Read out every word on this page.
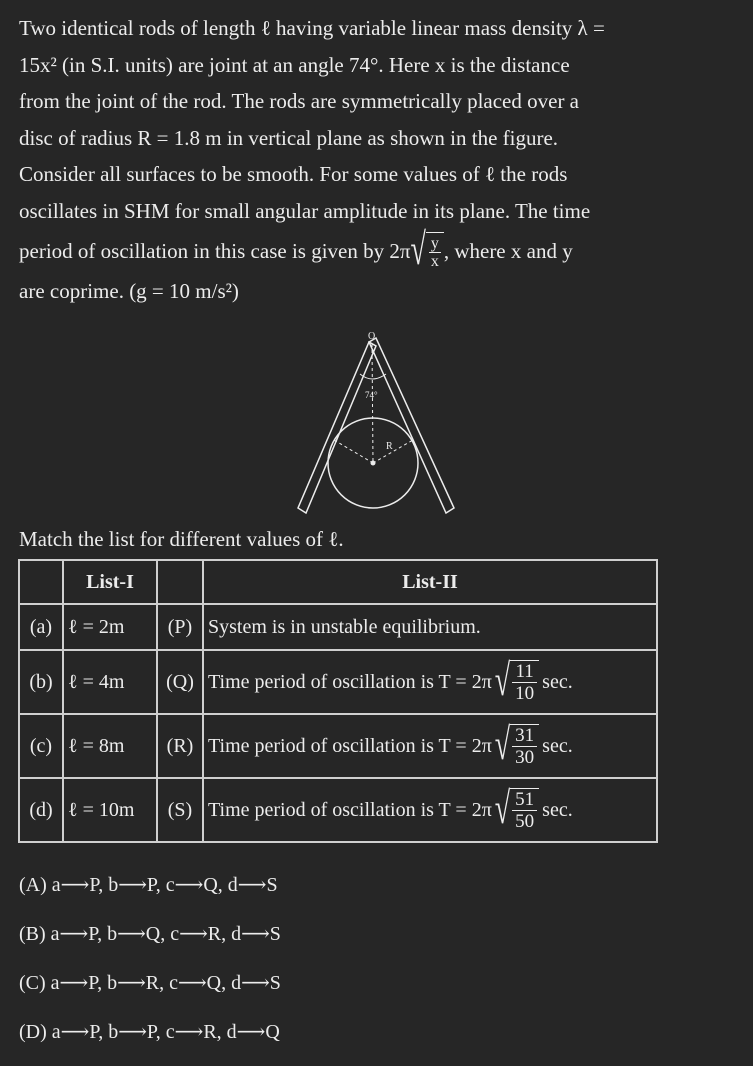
Two identical rods of length ℓ having variable linear mass density λ =
15x² (in S.I. units) are joint at an angle 74°. Here x is the distance
from the joint of the rod. The rods are symmetrically placed over a
disc of radius R = 1.8 m in vertical plane as shown in the figure.
Consider all surfaces to be smooth. For some values of ℓ the rods
oscillates in SHM for small angular amplitude in its plane. The time
period of oscillation in this case is given by 2π √ $\frac{y}{x}$ , where x and y
are coprime. (g = 10 m/s²)
O
74°
R
Match the list for different values of ℓ.
	List-I		List-II
(a)	ℓ = 2m	(P)	System is in unstable equilibrium.
(b)	ℓ = 4m	(Q)	Time period of oscillation is T = 2π √ $\frac{11}{10} \sec$.

(c)	ℓ = 8m	(R)	Time period of oscillation is T = 2π √ $\frac{31}{30} \sec$.

(d)	ℓ = 10m	(S)	Time period of oscillation is T = 2π √ $\frac{51}{50} \sec$.
(A) a⟶P, b⟶P, c⟶Q, d⟶S
(B) a⟶P, b⟶Q, c⟶R, d⟶S
(C) a⟶P, b⟶R, c⟶Q, d⟶S
(D) a⟶P, b⟶P, c⟶R, d⟶Q
